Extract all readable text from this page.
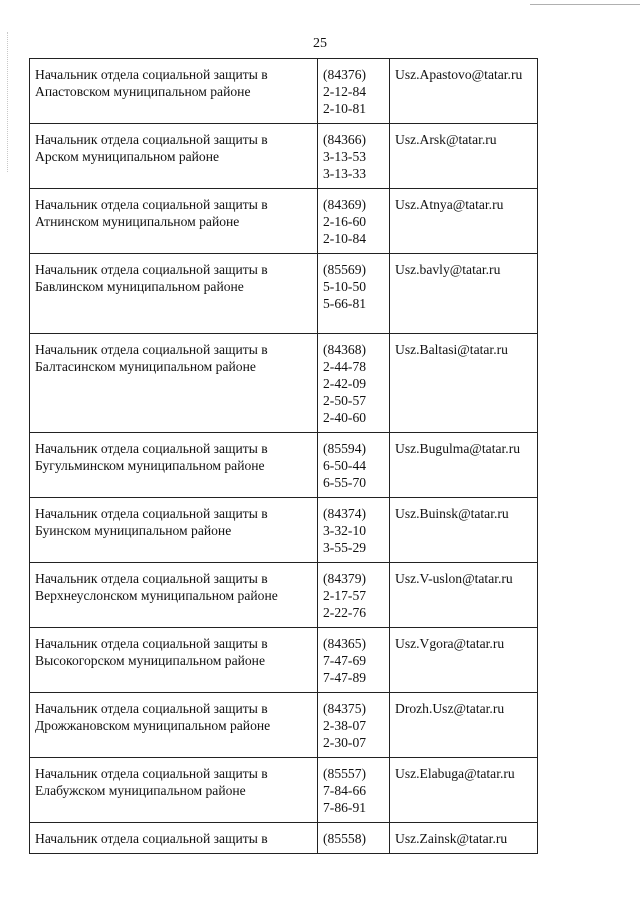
25
Начальник отдела социальной защиты в
Апастовском муниципальном районе	(84376)
2-12-84
2-10-81	Usz.Apastovo@tatar.ru

Начальник отдела социальной защиты в
Арском муниципальном районе	(84366)
3-13-53
3-13-33	Usz.Arsk@tatar.ru

Начальник отдела социальной защиты в
Атнинском муниципальном районе	(84369)
2-16-60
2-10-84	Usz.Atnya@tatar.ru

Начальник отдела социальной защиты в
Бавлинском муниципальном районе	(85569)
5-10-50
5-66-81	Usz.bavly@tatar.ru

Начальник отдела социальной защиты в
Балтасинском муниципальном районе	(84368)
2-44-78
2-42-09
2-50-57
2-40-60	Usz.Baltasi@tatar.ru

Начальник отдела социальной защиты в
Бугульминском муниципальном районе	(85594)
6-50-44
6-55-70	Usz.Bugulma@tatar.ru

Начальник отдела социальной защиты в
Буинском муниципальном районе	(84374)
3-32-10
3-55-29	Usz.Buinsk@tatar.ru

Начальник отдела социальной защиты в
Верхнеуслонском муниципальном районе	(84379)
2-17-57
2-22-76	Usz.V-uslon@tatar.ru

Начальник отдела социальной защиты в
Высокогорском муниципальном районе	(84365)
7-47-69
7-47-89	Usz.Vgora@tatar.ru

Начальник отдела социальной защиты в
Дрожжановском муниципальном районе	(84375)
2-38-07
2-30-07	Drozh.Usz@tatar.ru

Начальник отдела социальной защиты в
Елабужском муниципальном районе	(85557)
7-84-66
7-86-91	Usz.Elabuga@tatar.ru

Начальник отдела социальной защиты в	(85558)	Usz.Zainsk@tatar.ru
